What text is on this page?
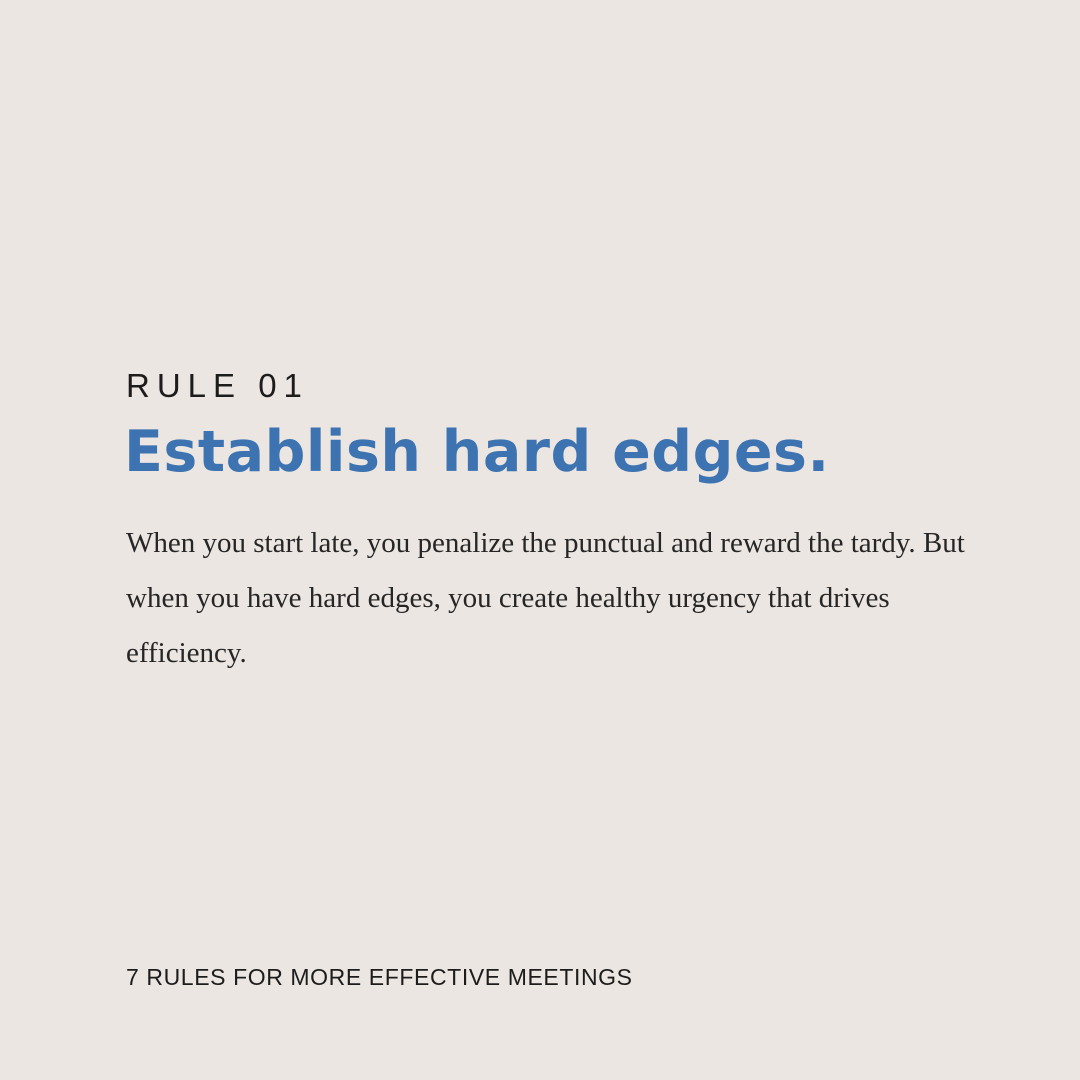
RULE 01
Establish hard edges.

When you start late, you penalize the punctual and reward the tardy. But when you have hard edges, you create healthy urgency that drives efficiency.

7 RULES FOR MORE EFFECTIVE MEETINGS
